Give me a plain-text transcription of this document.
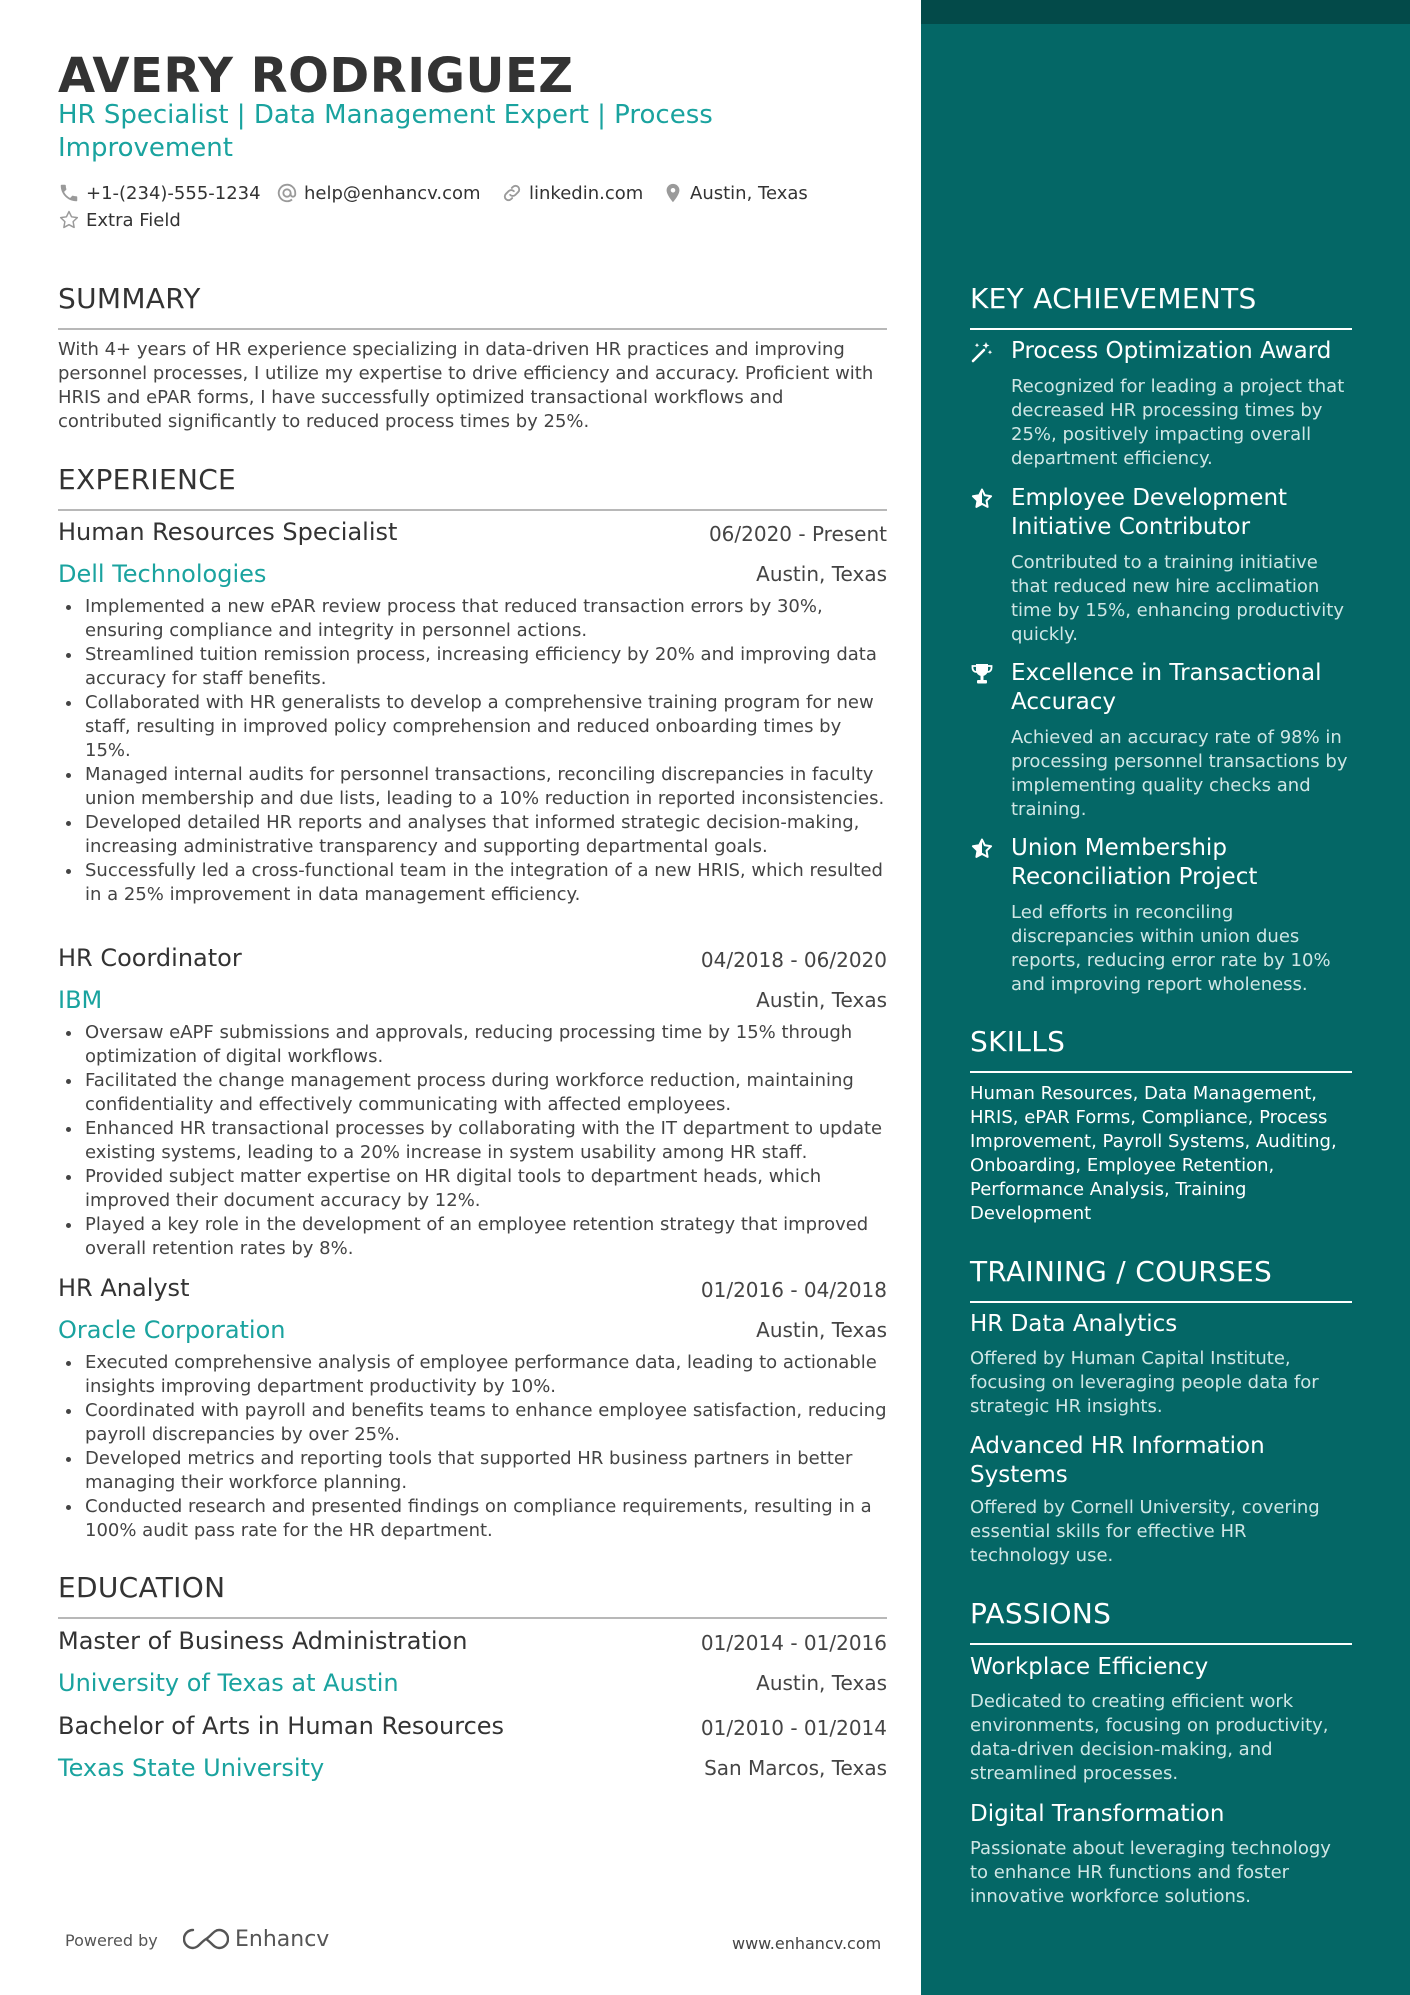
AVERY RODRIGUEZ
HR Specialist | Data Management Expert | Process Improvement
+1-(234)-555-1234 help@enhancv.com	linkedin.com	Austin, Texas
Extra Field
SUMMARY
With 4+ years of HR experience specializing in data-driven HR practices and improving personnel processes, I utilize my expertise to drive efficiency and accuracy. Proficient with HRIS and ePAR forms, I have successfully optimized transactional workflows and contributed significantly to reduced process times by 25%.
EXPERIENCE
Human Resources Specialist	06/2020 - Present
Dell Technologies	Austin, Texas
Implemented a new ePAR review process that reduced transaction errors by 30%, ensuring compliance and integrity in personnel actions.
Streamlined tuition remission process, increasing efficiency by 20% and improving data accuracy for staff benefits.
Collaborated with HR generalists to develop a comprehensive training program for new staff, resulting in improved policy comprehension and reduced onboarding times by 15%.
Managed internal audits for personnel transactions, reconciling discrepancies in faculty union membership and due lists, leading to a 10% reduction in reported inconsistencies.
Developed detailed HR reports and analyses that informed strategic decision-making, increasing administrative transparency and supporting departmental goals.
Successfully led a cross-functional team in the integration of a new HRIS, which resulted in a 25% improvement in data management efficiency.
HR Coordinator	04/2018 - 06/2020
IBM	Austin, Texas
Oversaw eAPF submissions and approvals, reducing processing time by 15% through optimization of digital workflows.
Facilitated the change management process during workforce reduction, maintaining confidentiality and effectively communicating with affected employees.
Enhanced HR transactional processes by collaborating with the IT department to update existing systems, leading to a 20% increase in system usability among HR staff.
Provided subject matter expertise on HR digital tools to department heads, which improved their document accuracy by 12%.
Played a key role in the development of an employee retention strategy that improved overall retention rates by 8%.
HR Analyst	01/2016 - 04/2018
Oracle Corporation	Austin, Texas
Executed comprehensive analysis of employee performance data, leading to actionable insights improving department productivity by 10%.
Coordinated with payroll and benefits teams to enhance employee satisfaction, reducing payroll discrepancies by over 25%.
Developed metrics and reporting tools that supported HR business partners in better managing their workforce planning.
Conducted research and presented findings on compliance requirements, resulting in a 100% audit pass rate for the HR department.
EDUCATION
Master of Business Administration	01/2014 - 01/2016
University of Texas at Austin	Austin, Texas
Bachelor of Arts in Human Resources	01/2010 - 01/2014
Texas State University	San Marcos, Texas
Powered by	Enhancv	www.enhancv.com
KEY ACHIEVEMENTS
Process Optimization Award
Recognized for leading a project that decreased HR processing times by 25%, positively impacting overall department efficiency.
Employee Development Initiative Contributor
Contributed to a training initiative that reduced new hire acclimation time by 15%, enhancing productivity quickly.
Excellence in Transactional Accuracy
Achieved an accuracy rate of 98% in processing personnel transactions by implementing quality checks and training.
Union Membership Reconciliation Project
Led efforts in reconciling discrepancies within union dues reports, reducing error rate by 10% and improving report wholeness.
SKILLS
Human Resources, Data Management, HRIS, ePAR Forms, Compliance, Process Improvement, Payroll Systems, Auditing, Onboarding, Employee Retention, Performance Analysis, Training Development
TRAINING / COURSES
HR Data Analytics
Offered by Human Capital Institute, focusing on leveraging people data for strategic HR insights.
Advanced HR Information Systems
Offered by Cornell University, covering essential skills for effective HR technology use.
PASSIONS
Workplace Efficiency
Dedicated to creating efficient work environments, focusing on productivity, data-driven decision-making, and streamlined processes.
Digital Transformation
Passionate about leveraging technology to enhance HR functions and foster innovative workforce solutions.
